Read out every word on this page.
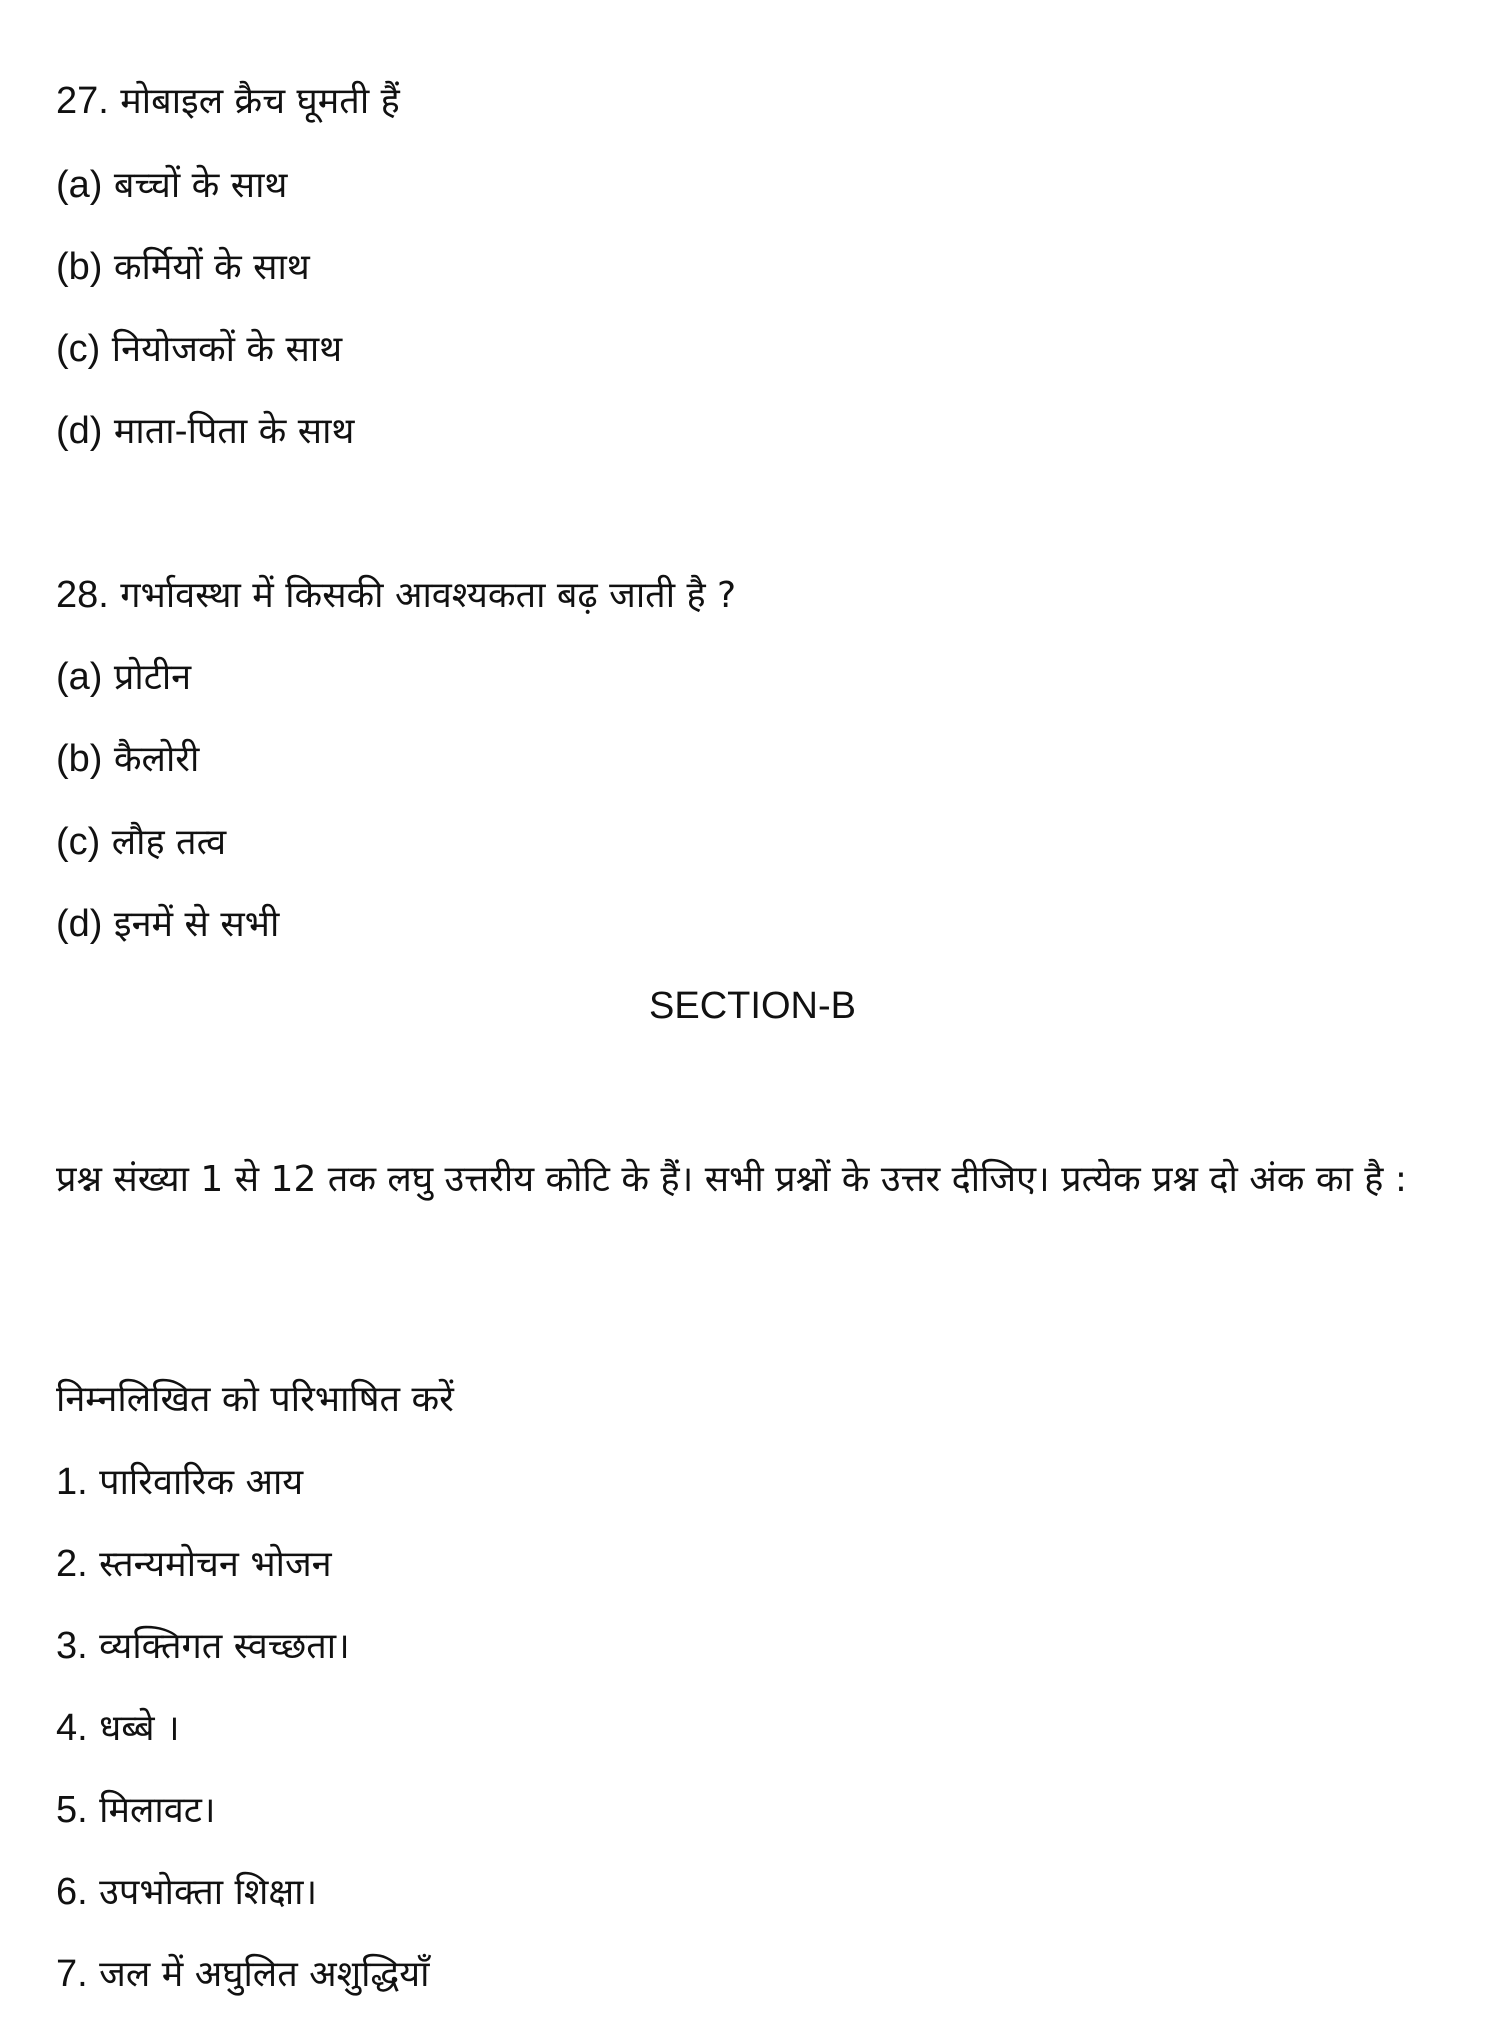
27. मोबाइल क्रैच घूमती हैं
(a) बच्चों के साथ
(b) कर्मियों के साथ
(c) नियोजकों के साथ
(d) माता-पिता के साथ
28. गर्भावस्था में किसकी आवश्यकता बढ़ जाती है ?
(a) प्रोटीन
(b) कैलोरी
(c) लौह तत्व
(d) इनमें से सभी
SECTION-B
प्रश्न संख्या 1 से 12 तक लघु उत्तरीय कोटि के हैं। सभी प्रश्नों के उत्तर दीजिए। प्रत्येक प्रश्न दो अंक का है :
निम्नलिखित को परिभाषित करें
1. पारिवारिक आय
2. स्तन्यमोचन भोजन
3. व्यक्तिगत स्वच्छता।
4. धब्बे ।
5. मिलावट।
6. उपभोक्ता शिक्षा।
7. जल में अघुलित अशुद्धियाँ
